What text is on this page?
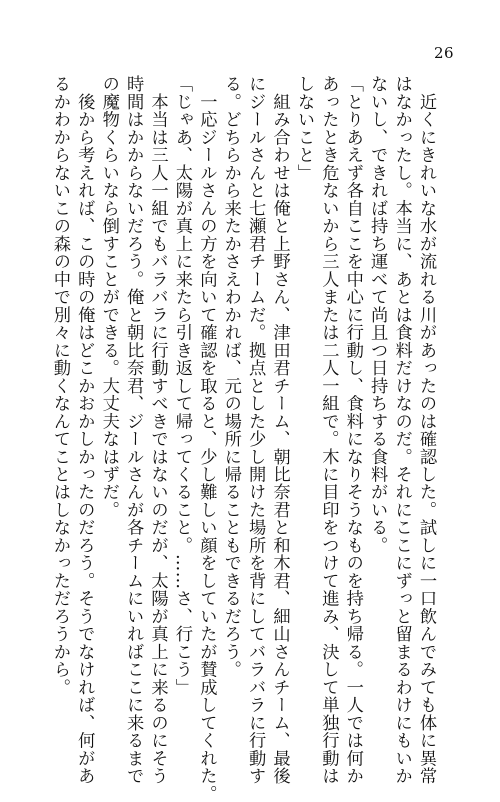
26
　近くにきれいな水が流れる川があったのは確認した。試しに一口飲んでみても体に異常
はなかったし。本当に、あとは食料だけなのだ。それにここにずっと留まるわけにもいか
ないし、できれば持ち運べて尚且つ日持ちする食料がいる。
「とりあえず各自ここを中心に行動し、食料になりそうなものを持ち帰る。一人では何か
あったとき危ないから三人または二人一組で。木に目印をつけて進み、決して単独行動は
しないこと」
　組み合わせは俺と上野さん、津田君チーム、朝比奈君と和木君、細山さんチーム、最後
にジールさんと七瀬君チームだ。拠点とした少し開けた場所を背にしてバラバラに行動す
る。どちらから来たかさえわかれば、元の場所に帰ることもできるだろう。
　一応ジールさんの方を向いて確認を取ると、少し難しい顔をしていたが賛成してくれた。
「じゃあ、太陽が真上に来たら引き返して帰ってくること。……さ、行こう」
　本当は三人一組でもバラバラに行動すべきではないのだが、太陽が真上に来るのにそう
時間はかからないだろう。俺と朝比奈君、ジールさんが各チームにいればここに来るまで
の魔物くらいなら倒すことができる。大丈夫なはずだ。
　後から考えれば、この時の俺はどこかおかしかったのだろう。そうでなければ、何があ
るかわからないこの森の中で別々に動くなんてことはしなかっただろうから。
